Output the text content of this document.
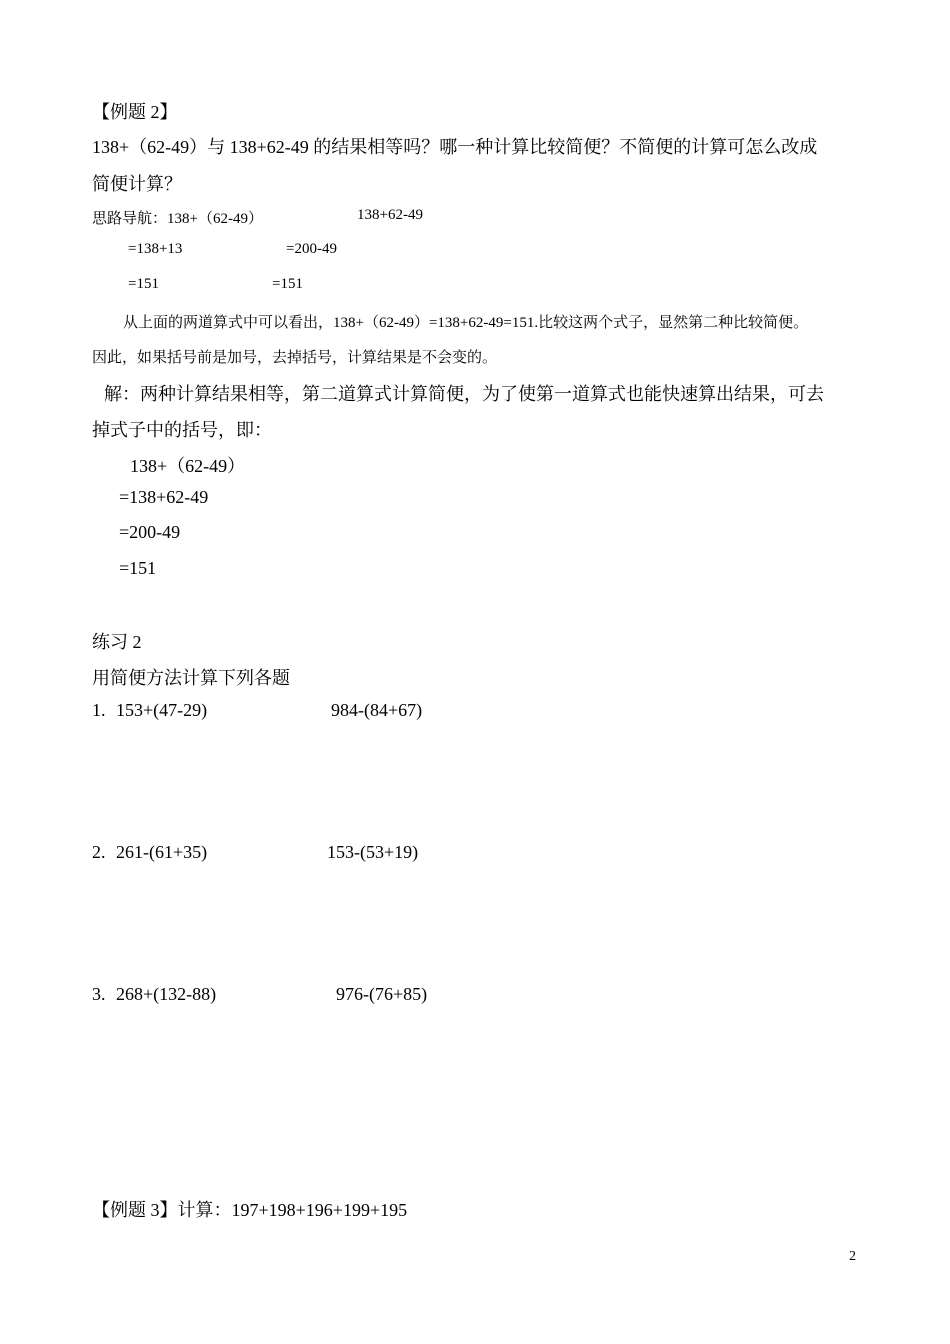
【例题 2】
138+（62-49）与 138+62-49 的结果相等吗？哪一种计算比较简便？不简便的计算可怎么改成
简便计算？
思路导航：138+（62-49）	138+62-49
=138+13	=200-49
=151	=151
从上面的两道算式中可以看出，138+（62-49）=138+62-49=151.比较这两个式子，显然第二种比较简便。
因此，如果括号前是加号，去掉括号，计算结果是不会变的。
解：两种计算结果相等，第二道算式计算简便，为了使第一道算式也能快速算出结果，可去
掉式子中的括号，即：
138+（62-49）
=138+62-49
=200-49
=151
练习 2
用简便方法计算下列各题
1. 153+(47-29)	984-(84+67)
2. 261-(61+35)	153-(53+19)
3. 268+(132-88)	976-(76+85)
【例题 3】计算：197+198+196+199+195
2
